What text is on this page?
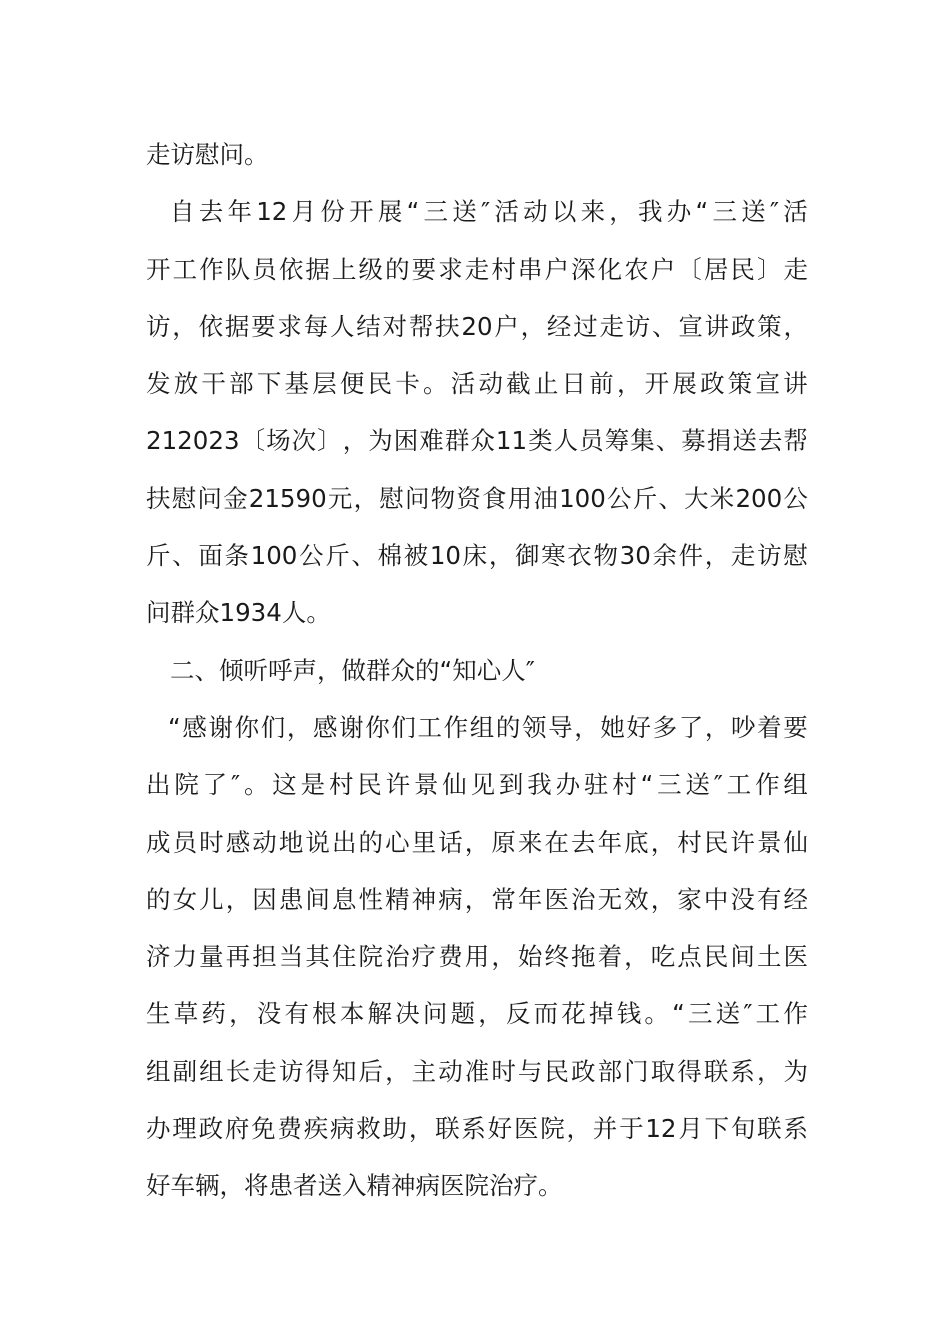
走访慰问。
自 去 年 12 月 份 开 展 “ 三 送 ″ 活 动 以 来 ， 我 办 “ 三 送 ″ 活
开 工 作 队 员 依 据 上 级 的 要 求 走 村 串 户 深 化 农 户 〔 居 民 〕 走
访 ， 依 据 要 求 每 人 结 对 帮 扶 20 户 ， 经 过 走 访 、 宣 讲 政 策 ，
发 放 干 部 下 基 层 便 民 卡 。 活 动 截 止 日 前 ， 开 展 政 策 宣 讲
212023 〔 场 次 〕 ， 为 困 难 群 众 11 类 人 员 筹 集 、 募 捐 送 去 帮
扶 慰 问 金 21590 元 ， 慰 问 物 资 食 用 油 100 公 斤 、 大 米 200 公
斤 、 面 条 100 公 斤 、 棉 被 10 床 ， 御 寒 衣 物 30 余 件 ， 走 访 慰
问群众1934人。
二、倾听呼声，做群众的“知心人″
“ 感 谢 你 们 ， 感 谢 你 们 工 作 组 的 领 导 ， 她 好 多 了 ， 吵 着 要
出 院 了 ″ 。 这 是 村 民 许 景 仙 见 到 我 办 驻 村 “ 三 送 ″ 工 作 组
成 员 时 感 动 地 说 出 的 心 里 话 ， 原 来 在 去 年 底 ， 村 民 许 景 仙
的 女 儿 ， 因 患 间 息 性 精 神 病 ， 常 年 医 治 无 效 ， 家 中 没 有 经
济 力 量 再 担 当 其 住 院 治 疗 费 用 ， 始 终 拖 着 ， 吃 点 民 间 土 医
生 草 药 ， 没 有 根 本 解 决 问 题 ， 反 而 花 掉 钱 。 “ 三 送 ″ 工 作
组 副 组 长 走 访 得 知 后 ， 主 动 准 时 与 民 政 部 门 取 得 联 系 ， 为
办 理 政 府 免 费 疾 病 救 助 ， 联 系 好 医 院 ， 并 于 12 月 下 旬 联 系
好车辆，将患者送入精神病医院治疗。
